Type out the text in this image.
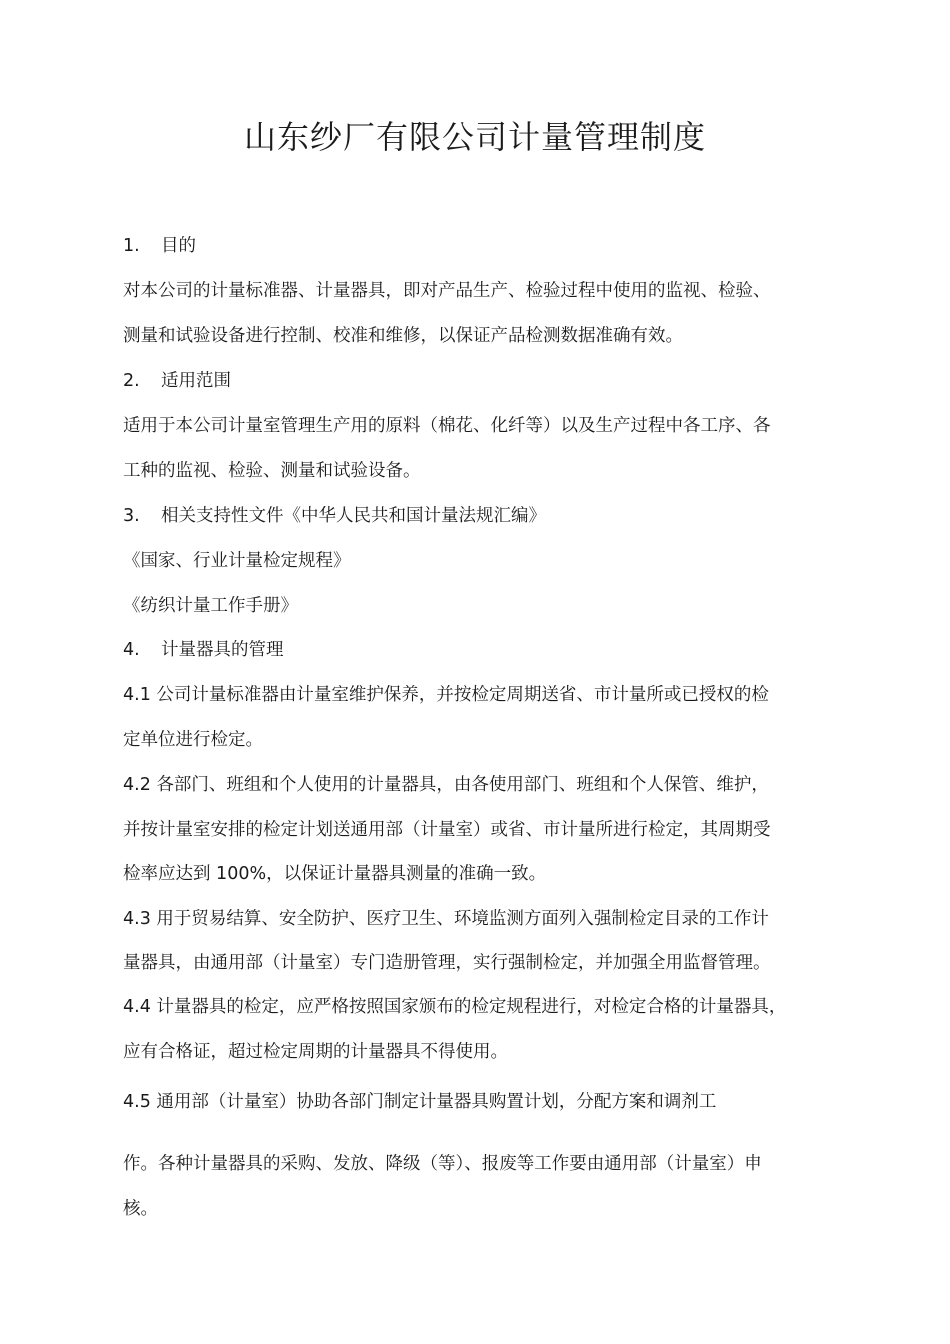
山东纱厂有限公司计量管理制度
1. 目的
对本公司的计量标准器、计量器具，即对产品生产、检验过程中使用的监视、检验、
测量和试验设备进行控制、校准和维修，以保证产品检测数据准确有效。
2. 适用范围
适用于本公司计量室管理生产用的原料（棉花、化纤等）以及生产过程中各工序、各
工种的监视、检验、测量和试验设备。
3. 相关支持性文件《中华人民共和国计量法规汇编》
《国家、行业计量检定规程》
《纺织计量工作手册》
4. 计量器具的管理
4.1 公司计量标准器由计量室维护保养，并按检定周期送省、市计量所或已授权的检
定单位进行检定。
4.2 各部门、班组和个人使用的计量器具，由各使用部门、班组和个人保管、维护，
并按计量室安排的检定计划送通用部（计量室）或省、市计量所进行检定，其周期受
检率应达到 100%，以保证计量器具测量的准确一致。
4.3 用于贸易结算、安全防护、医疗卫生、环境监测方面列入强制检定目录的工作计
量器具，由通用部（计量室）专门造册管理，实行强制检定，并加强全用监督管理。
4.4 计量器具的检定，应严格按照国家颁布的检定规程进行，对检定合格的计量器具，
应有合格证，超过检定周期的计量器具不得使用。
4.5 通用部（计量室）协助各部门制定计量器具购置计划，分配方案和调剂工
作。各种计量器具的采购、发放、降级（等）、报废等工作要由通用部（计量室）申
核。
